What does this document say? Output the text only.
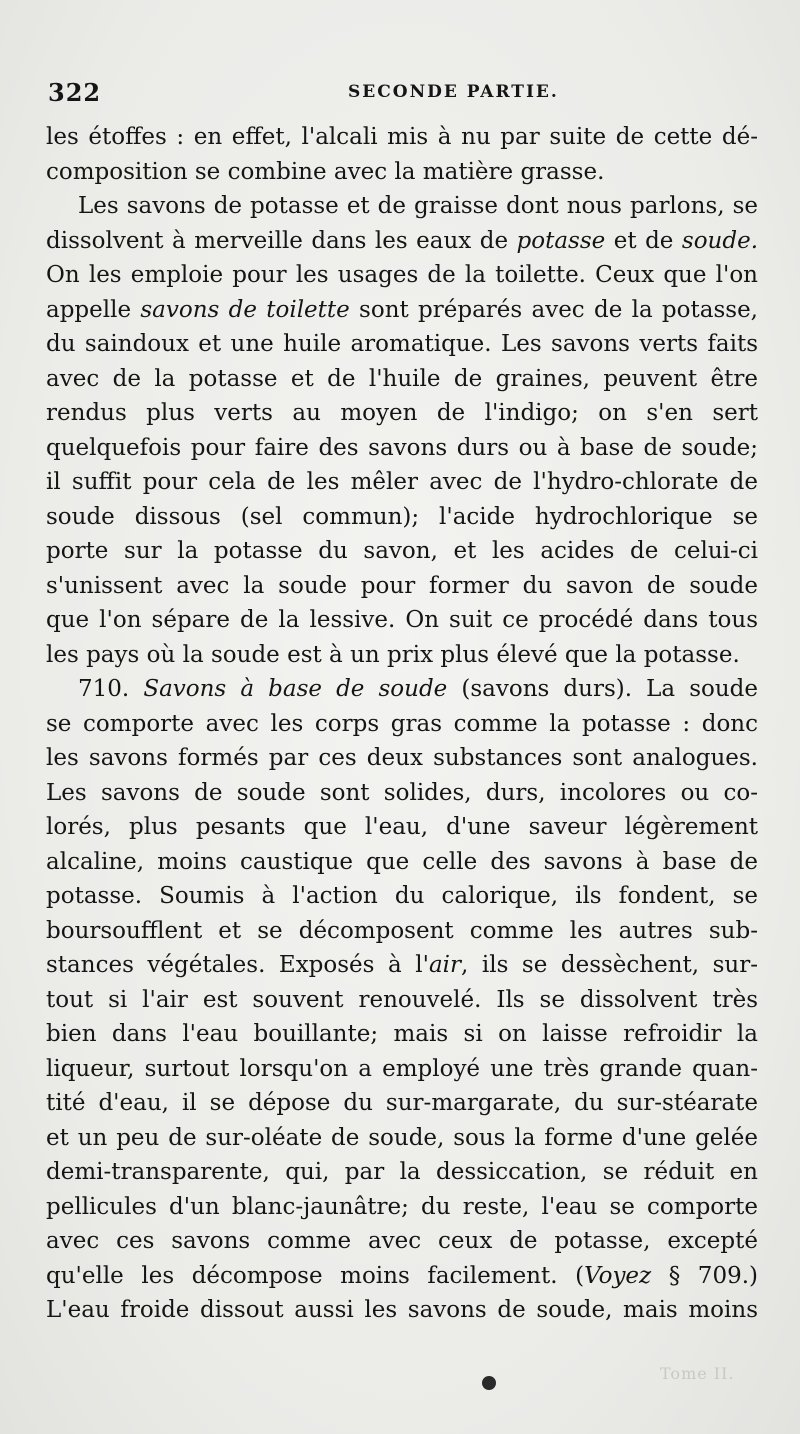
322	SECONDE PARTIE.
les étoffes : en effet, l'alcali mis à nu par suite de cette dé-
composition se combine avec la matière grasse.
Les savons de potasse et de graisse dont nous parlons, se
dissolvent à merveille dans les eaux de potasse et de soude.
On les emploie pour les usages de la toilette. Ceux que l'on
appelle savons de toilette sont préparés avec de la potasse,
du saindoux et une huile aromatique. Les savons verts faits
avec de la potasse et de l'huile de graines, peuvent être
rendus plus verts au moyen de l'indigo; on s'en sert
quelquefois pour faire des savons durs ou à base de soude;
il suffit pour cela de les mêler avec de l'hydro-chlorate de
soude dissous (sel commun); l'acide hydrochlorique se
porte sur la potasse du savon, et les acides de celui-ci
s'unissent avec la soude pour former du savon de soude
que l'on sépare de la lessive. On suit ce procédé dans tous
les pays où la soude est à un prix plus élevé que la potasse.
710. Savons à base de soude (savons durs). La soude
se comporte avec les corps gras comme la potasse : donc
les savons formés par ces deux substances sont analogues.
Les savons de soude sont solides, durs, incolores ou co-
lorés, plus pesants que l'eau, d'une saveur légèrement
alcaline, moins caustique que celle des savons à base de
potasse. Soumis à l'action du calorique, ils fondent, se
boursoufflent et se décomposent comme les autres sub-
stances végétales. Exposés à l'air, ils se dessèchent, sur-
tout si l'air est souvent renouvelé. Ils se dissolvent très
bien dans l'eau bouillante; mais si on laisse refroidir la
liqueur, surtout lorsqu'on a employé une très grande quan-
tité d'eau, il se dépose du sur-margarate, du sur-stéarate
et un peu de sur-oléate de soude, sous la forme d'une gelée
demi-transparente, qui, par la dessiccation, se réduit en
pellicules d'un blanc-jaunâtre; du reste, l'eau se comporte
avec ces savons comme avec ceux de potasse, excepté
qu'elle les décompose moins facilement. (Voyez § 709.)
L'eau froide dissout aussi les savons de soude, mais moins
Tome II.
